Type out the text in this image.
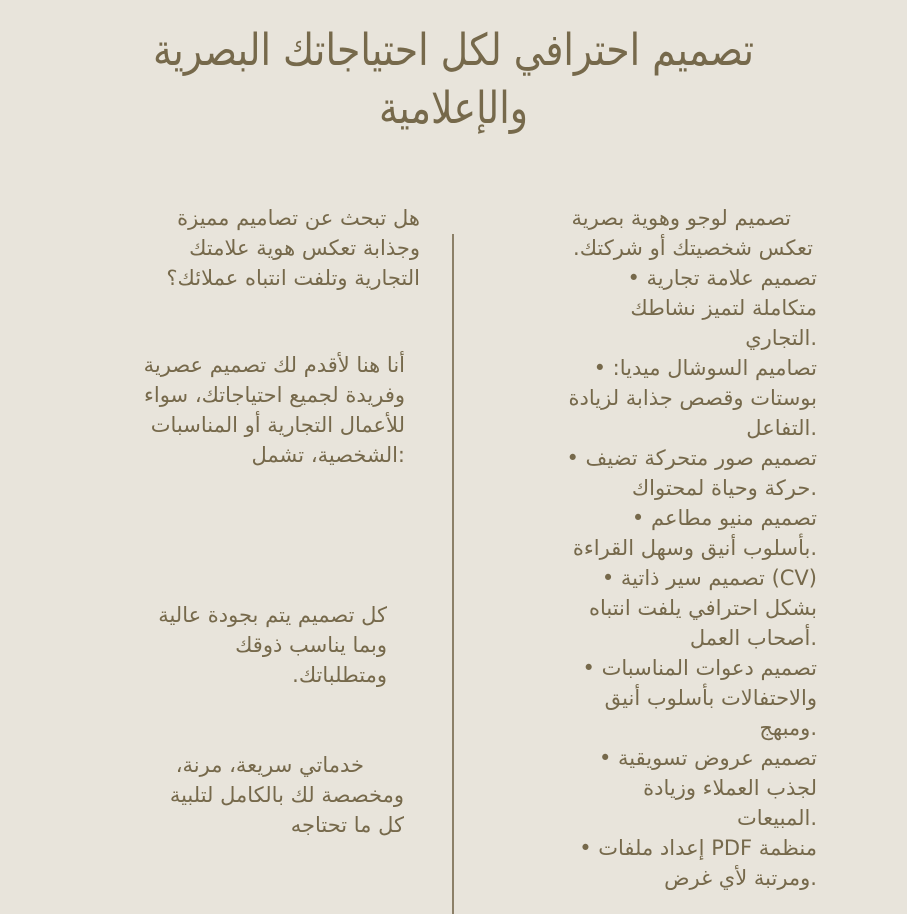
تصميم احترافي لكل احتياجاتك البصرية
والإعلامية
تصميم لوجو وهوية بصرية
تعكس شخصيتك أو شركتك.
تصميم علامة تجارية •
متكاملة لتميز نشاطك
.التجاري
تصاميم السوشال ميديا: •
بوستات وقصص جذابة لزيادة
.التفاعل
تصميم صور متحركة تضيف •
.حركة وحياة لمحتواك
تصميم منيو مطاعم •
.بأسلوب أنيق وسهل القراءة
(CV) تصميم سير ذاتية •
بشكل احترافي يلفت انتباه
.أصحاب العمل
تصميم دعوات المناسبات •
والاحتفالات بأسلوب أنيق
.ومبهج
تصميم عروض تسويقية •
لجذب العملاء وزيادة
.المبيعات
منظمة PDF إعداد ملفات •
.ومرتبة لأي غرض
هل تبحث عن تصاميم مميزة
وجذابة تعكس هوية علامتك
التجارية وتلفت انتباه عملائك؟
أنا هنا لأقدم لك تصميم عصرية
وفريدة لجميع احتياجاتك، سواء
للأعمال التجارية أو المناسبات
:الشخصية، تشمل
كل تصميم يتم بجودة عالية
وبما يناسب ذوقك
ومتطلباتك.
خدماتي سريعة، مرنة،
ومخصصة لك بالكامل لتلبية
كل ما تحتاجه
